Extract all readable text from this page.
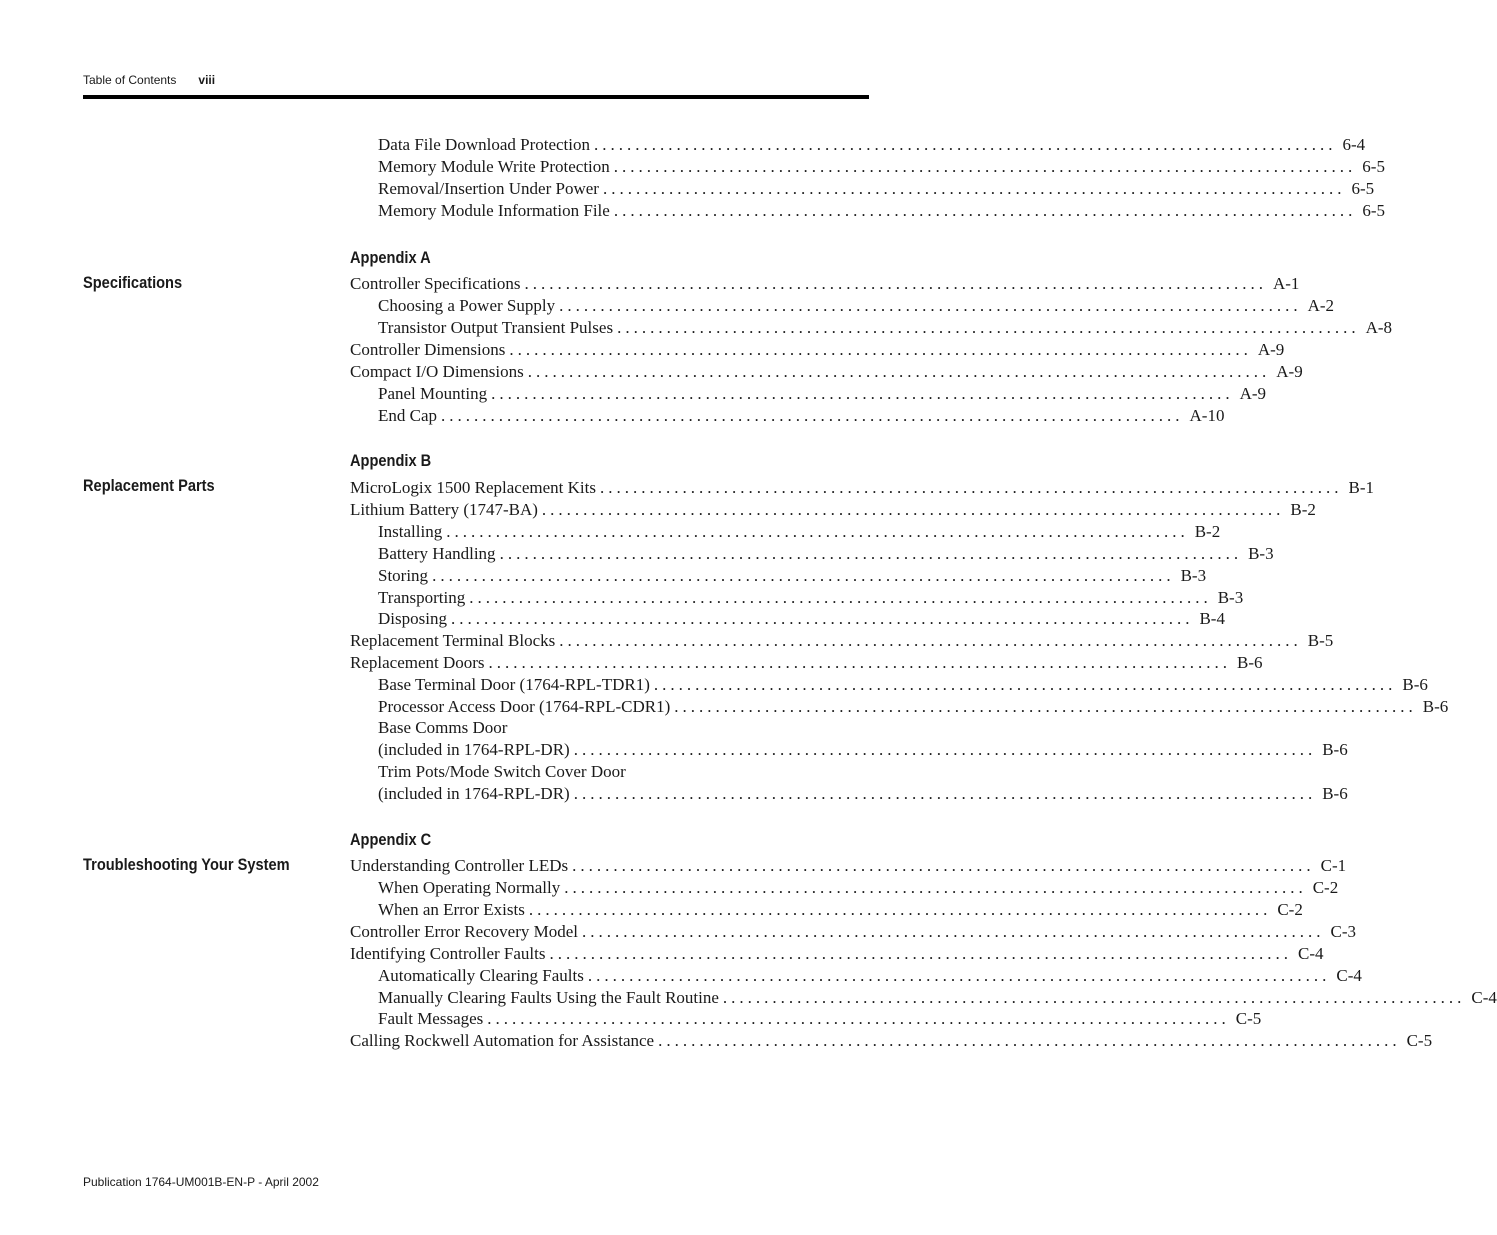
Table of Contents viii
Data File Download Protection .......................................................................................... 6-4
Memory Module Write Protection .......................................................................................... 6-5
Removal/Insertion Under Power .......................................................................................... 6-5
Memory Module Information File .......................................................................................... 6-5
Appendix A
Specifications	Controller Specifications .......................................................................................... A-1
Choosing a Power Supply .......................................................................................... A-2
Transistor Output Transient Pulses .......................................................................................... A-8
Controller Dimensions .......................................................................................... A-9
Compact I/O Dimensions .......................................................................................... A-9
Panel Mounting .......................................................................................... A-9
End Cap .......................................................................................... A-10
Appendix B
Replacement Parts	MicroLogix 1500 Replacement Kits .......................................................................................... B-1
Lithium Battery (1747-BA) .......................................................................................... B-2
Installing .......................................................................................... B-2
Battery Handling .......................................................................................... B-3
Storing .......................................................................................... B-3
Transporting .......................................................................................... B-3
Disposing .......................................................................................... B-4
Replacement Terminal Blocks .......................................................................................... B-5
Replacement Doors .......................................................................................... B-6
Base Terminal Door (1764-RPL-TDR1) .......................................................................................... B-6
Processor Access Door (1764-RPL-CDR1) .......................................................................................... B-6
Base Comms Door
(included in 1764-RPL-DR) .......................................................................................... B-6
Trim Pots/Mode Switch Cover Door
(included in 1764-RPL-DR) .......................................................................................... B-6
Appendix C
Troubleshooting Your System	Understanding Controller LEDs .......................................................................................... C-1
When Operating Normally .......................................................................................... C-2
When an Error Exists .......................................................................................... C-2
Controller Error Recovery Model .......................................................................................... C-3
Identifying Controller Faults .......................................................................................... C-4
Automatically Clearing Faults .......................................................................................... C-4
Manually Clearing Faults Using the Fault Routine .......................................................................................... C-4
Fault Messages .......................................................................................... C-5
Calling Rockwell Automation for Assistance .......................................................................................... C-5
Publication 1764-UM001B-EN-P - April 2002
